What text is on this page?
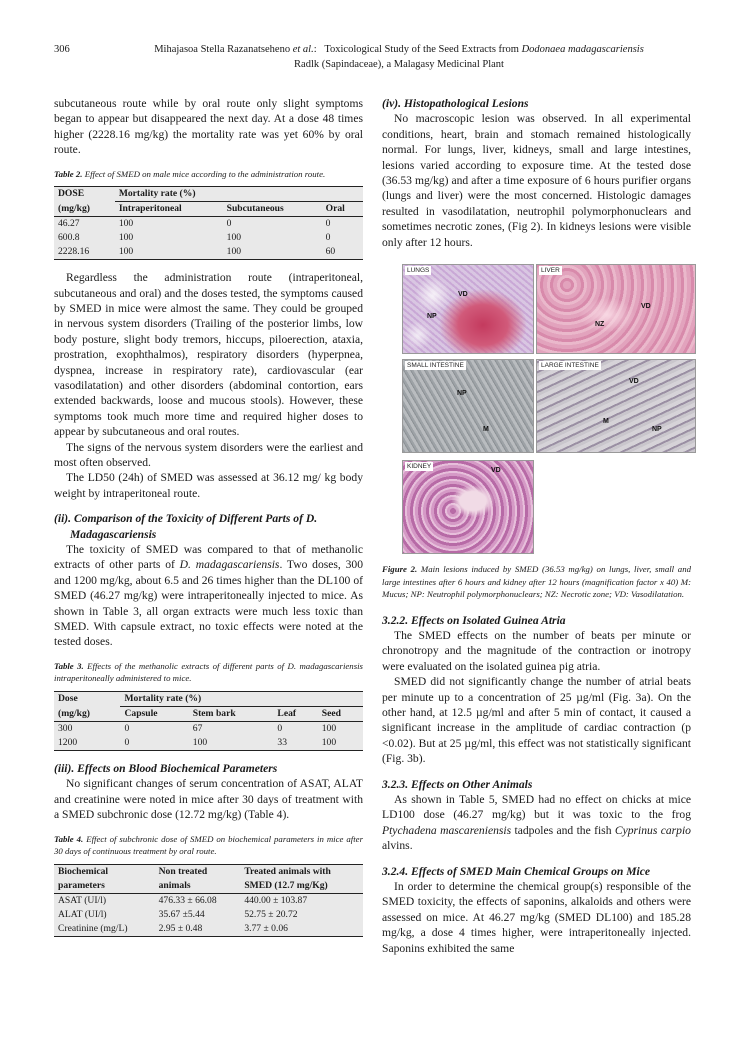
306	Mihajasoa Stella Razanatseheno et al.: Toxicological Study of the Seed Extracts from Dodonaea madagascariensis
Radlk (Sapindaceae), a Malagasy Medicinal Plant

subcutaneous route while by oral route only slight symptoms began to appear but disappeared the next day. At a dose 48 times higher (2228.16 mg/kg) the mortality rate was yet 60% by oral route.

Table 2. Effect of SMED on male mice according to the administration route.
DOSE	Mortality rate (%)		
(mg/kg)	Intraperitoneal	Subcutaneous	Oral
46.27	100	0	0
600.8	100	100	0
2228.16	100	100	60

Regardless the administration route (intraperitoneal, subcutaneous and oral) and the doses tested, the symptoms caused by SMED in mice were almost the same. They could be grouped in nervous system disorders (Trailing of the posterior limbs, low body posture, slight body tremors, hiccups, piloerection, ataxia, prostration, exophthalmos), respiratory disorders (hyperpnea, dyspnea, increase in respiratory rate), cardiovascular (ear vasodilatation) and other disorders (abdominal contortion, ears extended backwards, loose and mucous stools). However, these symptoms took much more time and required higher doses to appear by subcutaneous and oral routes.

The signs of the nervous system disorders were the earliest and most often observed.

The LD50 (24h) of SMED was assessed at 36.12 mg/ kg body weight by intraperitoneal route.

(ii). Comparison of the Toxicity of Different Parts of D. Madagascariensis

The toxicity of SMED was compared to that of methanolic extracts of other parts of D. madagascariensis. Two doses, 300 and 1200 mg/kg, about 6.5 and 26 times higher than the DL100 of SMED (46.27 mg/kg) were intraperitoneally injected to mice. As shown in Table 3, all organ extracts were much less toxic than SMED. With capsule extract, no toxic effects were noted at the tested doses.

Table 3. Effects of the methanolic extracts of different parts of D. madagascariensis intraperitoneally administered to mice.
Dose	Mortality rate (%)			
(mg/kg)	Capsule	Stem bark	Leaf	Seed
300	0	67	0	100
1200	0	100	33	100
(iii). Effects on Blood Biochemical Parameters

No significant changes of serum concentration of ASAT, ALAT and creatinine were noted in mice after 30 days of treatment with a SMED subchronic dose (12.72 mg/kg) (Table 4).

Table 4. Effect of subchronic dose of SMED on biochemical parameters in mice after 30 days of continuous treatment by oral route.
Biochemical	Non treated	Treated animals with
parameters	animals	SMED (12.7 mg/Kg)
ASAT (UI/l)	476.33 ± 66.08	440.00 ± 103.87
ALAT (UI/l)	35.67 ±5.44	52.75 ± 20.72
Creatinine (mg/L)	2.95 ± 0.48	3.77 ± 0.06
(iv). Histopathological Lesions

No macroscopic lesion was observed. In all experimental conditions, heart, brain and stomach remained histologically normal. For lungs, liver, kidneys, small and large intestines, lesions varied according to exposure time. At the tested dose (36.53 mg/kg) and after a time exposure of 6 hours purifier organs (lungs and liver) were the most concerned. Histologic damages resulted in vasodilatation, neutrophil polymorphonuclears and sometimes necrotic zones, (Fig 2). In kidneys lesions were visible only after 12 hours.

LUNGS
VD
NP
LIVER
VD
NZ
SMALL INTESTINE
NP
M
LARGE INTESTINE
VD
M
NP
KIDNEY
VD
Figure 2. Main lesions induced by SMED (36.53 mg/kg) on lungs, liver, small and large intestines after 6 hours and kidney after 12 hours (magnification factor x 40) M: Mucus; NP: Neutrophil polymorphonuclears; NZ: Necrotic zone; VD: Vasodilatation.
3.2.2. Effects on Isolated Guinea Atria

The SMED effects on the number of beats per minute or chronotropy and the magnitude of the contraction or inotropy were evaluated on the isolated guinea pig atria.

SMED did not significantly change the number of atrial beats per minute up to a concentration of 25 µg/ml (Fig. 3a). On the other hand, at 12.5 µg/ml and after 5 min of contact, it caused a significant increase in the amplitude of cardiac contraction (p <0.02). But at 25 µg/ml, this effect was not statistically significant (Fig. 3b).

3.2.3. Effects on Other Animals

As shown in Table 5, SMED had no effect on chicks at mice LD100 dose (46.27 mg/kg) but it was toxic to the frog Ptychadena mascareniensis tadpoles and the fish Cyprinus carpio alvins.

3.2.4. Effects of SMED Main Chemical Groups on Mice

In order to determine the chemical group(s) responsible of the SMED toxicity, the effects of saponins, alkaloids and others were assessed on mice. At 46.27 mg/kg (SMED DL100) and 185.28 mg/kg, a dose 4 times higher, were intraperitoneally injected. Saponins exhibited the same
